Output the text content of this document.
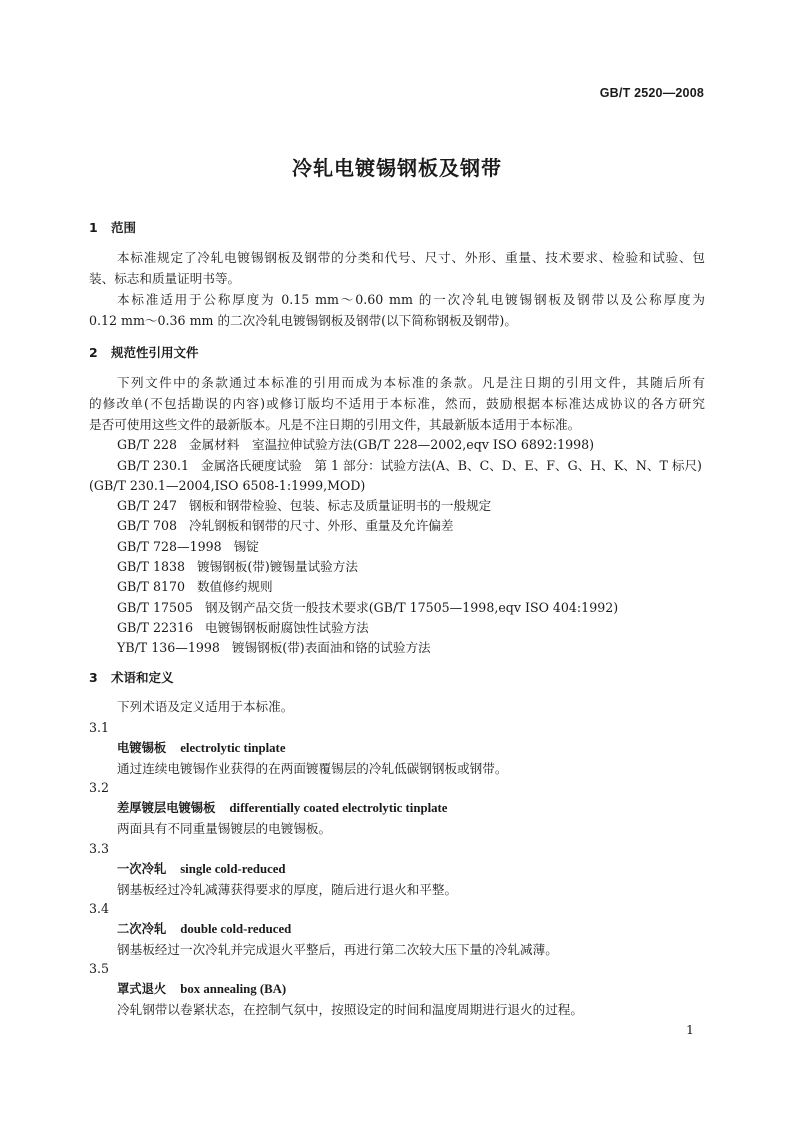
GB/T 2520—2008
冷轧电镀锡钢板及钢带
1 范围
本标准规定了冷轧电镀锡钢板及钢带的分类和代号、尺寸、外形、重量、技术要求、检验和试验、包
装、标志和质量证明书等。
本标准适用于公称厚度为 0.15 mm～0.60 mm 的一次冷轧电镀锡钢板及钢带以及公称厚度为
0.12 mm～0.36 mm 的二次冷轧电镀锡钢板及钢带(以下简称钢板及钢带)。
2 规范性引用文件
下列文件中的条款通过本标准的引用而成为本标准的条款。凡是注日期的引用文件，其随后所有
的修改单(不包括勘误的内容)或修订版均不适用于本标准，然而，鼓励根据本标准达成协议的各方研究
是否可使用这些文件的最新版本。凡是不注日期的引用文件，其最新版本适用于本标准。
GB/T 228 金属材料　室温拉伸试验方法(GB/T 228—2002,eqv ISO 6892:1998)
GB/T 230.1 金属洛氏硬度试验　第 1 部分：试验方法(A、B、C、D、E、F、G、H、K、N、T 标尺)
(GB/T 230.1—2004,ISO 6508-1:1999,MOD)
GB/T 247 钢板和钢带检验、包装、标志及质量证明书的一般规定
GB/T 708 冷轧钢板和钢带的尺寸、外形、重量及允许偏差
GB/T 728—1998 锡锭
GB/T 1838 镀锡钢板(带)镀锡量试验方法
GB/T 8170 数值修约规则
GB/T 17505 钢及钢产品交货一般技术要求(GB/T 17505—1998,eqv ISO 404:1992)
GB/T 22316 电镀锡钢板耐腐蚀性试验方法
YB/T 136—1998 镀锡钢板(带)表面油和铬的试验方法
3 术语和定义
下列术语及定义适用于本标准。
3.1
电镀锡板 electrolytic tinplate
通过连续电镀锡作业获得的在两面镀覆锡层的冷轧低碳钢钢板或钢带。
3.2
差厚镀层电镀锡板 differentially coated electrolytic tinplate
两面具有不同重量锡镀层的电镀锡板。
3.3
一次冷轧 single cold-reduced
钢基板经过冷轧减薄获得要求的厚度，随后进行退火和平整。
3.4
二次冷轧 double cold-reduced
钢基板经过一次冷轧并完成退火平整后，再进行第二次较大压下量的冷轧减薄。
3.5
罩式退火 box annealing (BA)
冷轧钢带以卷紧状态，在控制气氛中，按照设定的时间和温度周期进行退火的过程。
1
